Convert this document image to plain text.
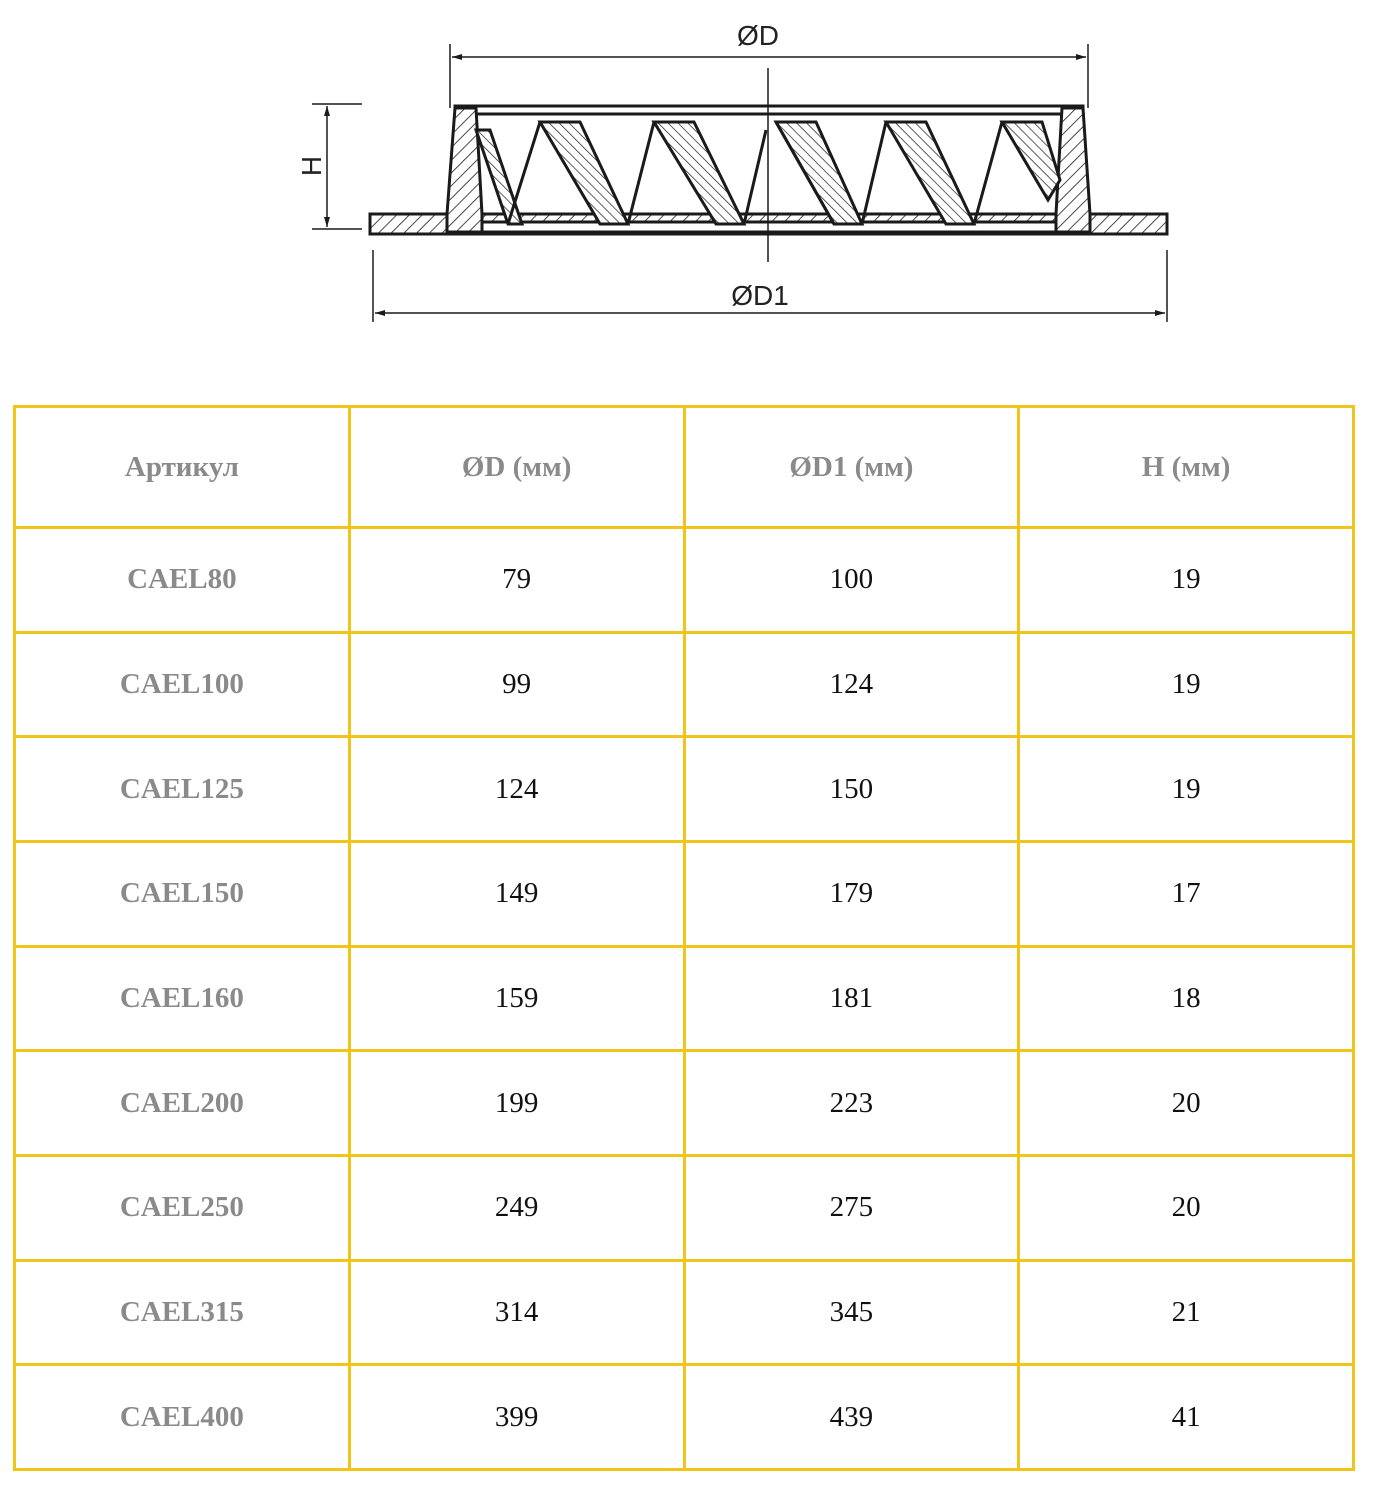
ØD
H
ØD1
Артикул	ØD (мм)	ØD1 (мм)	H (мм)
CAEL80	79	100	19
CAEL100	99	124	19
CAEL125	124	150	19
CAEL150	149	179	17
CAEL160	159	181	18
CAEL200	199	223	20
CAEL250	249	275	20
CAEL315	314	345	21
CAEL400	399	439	41
